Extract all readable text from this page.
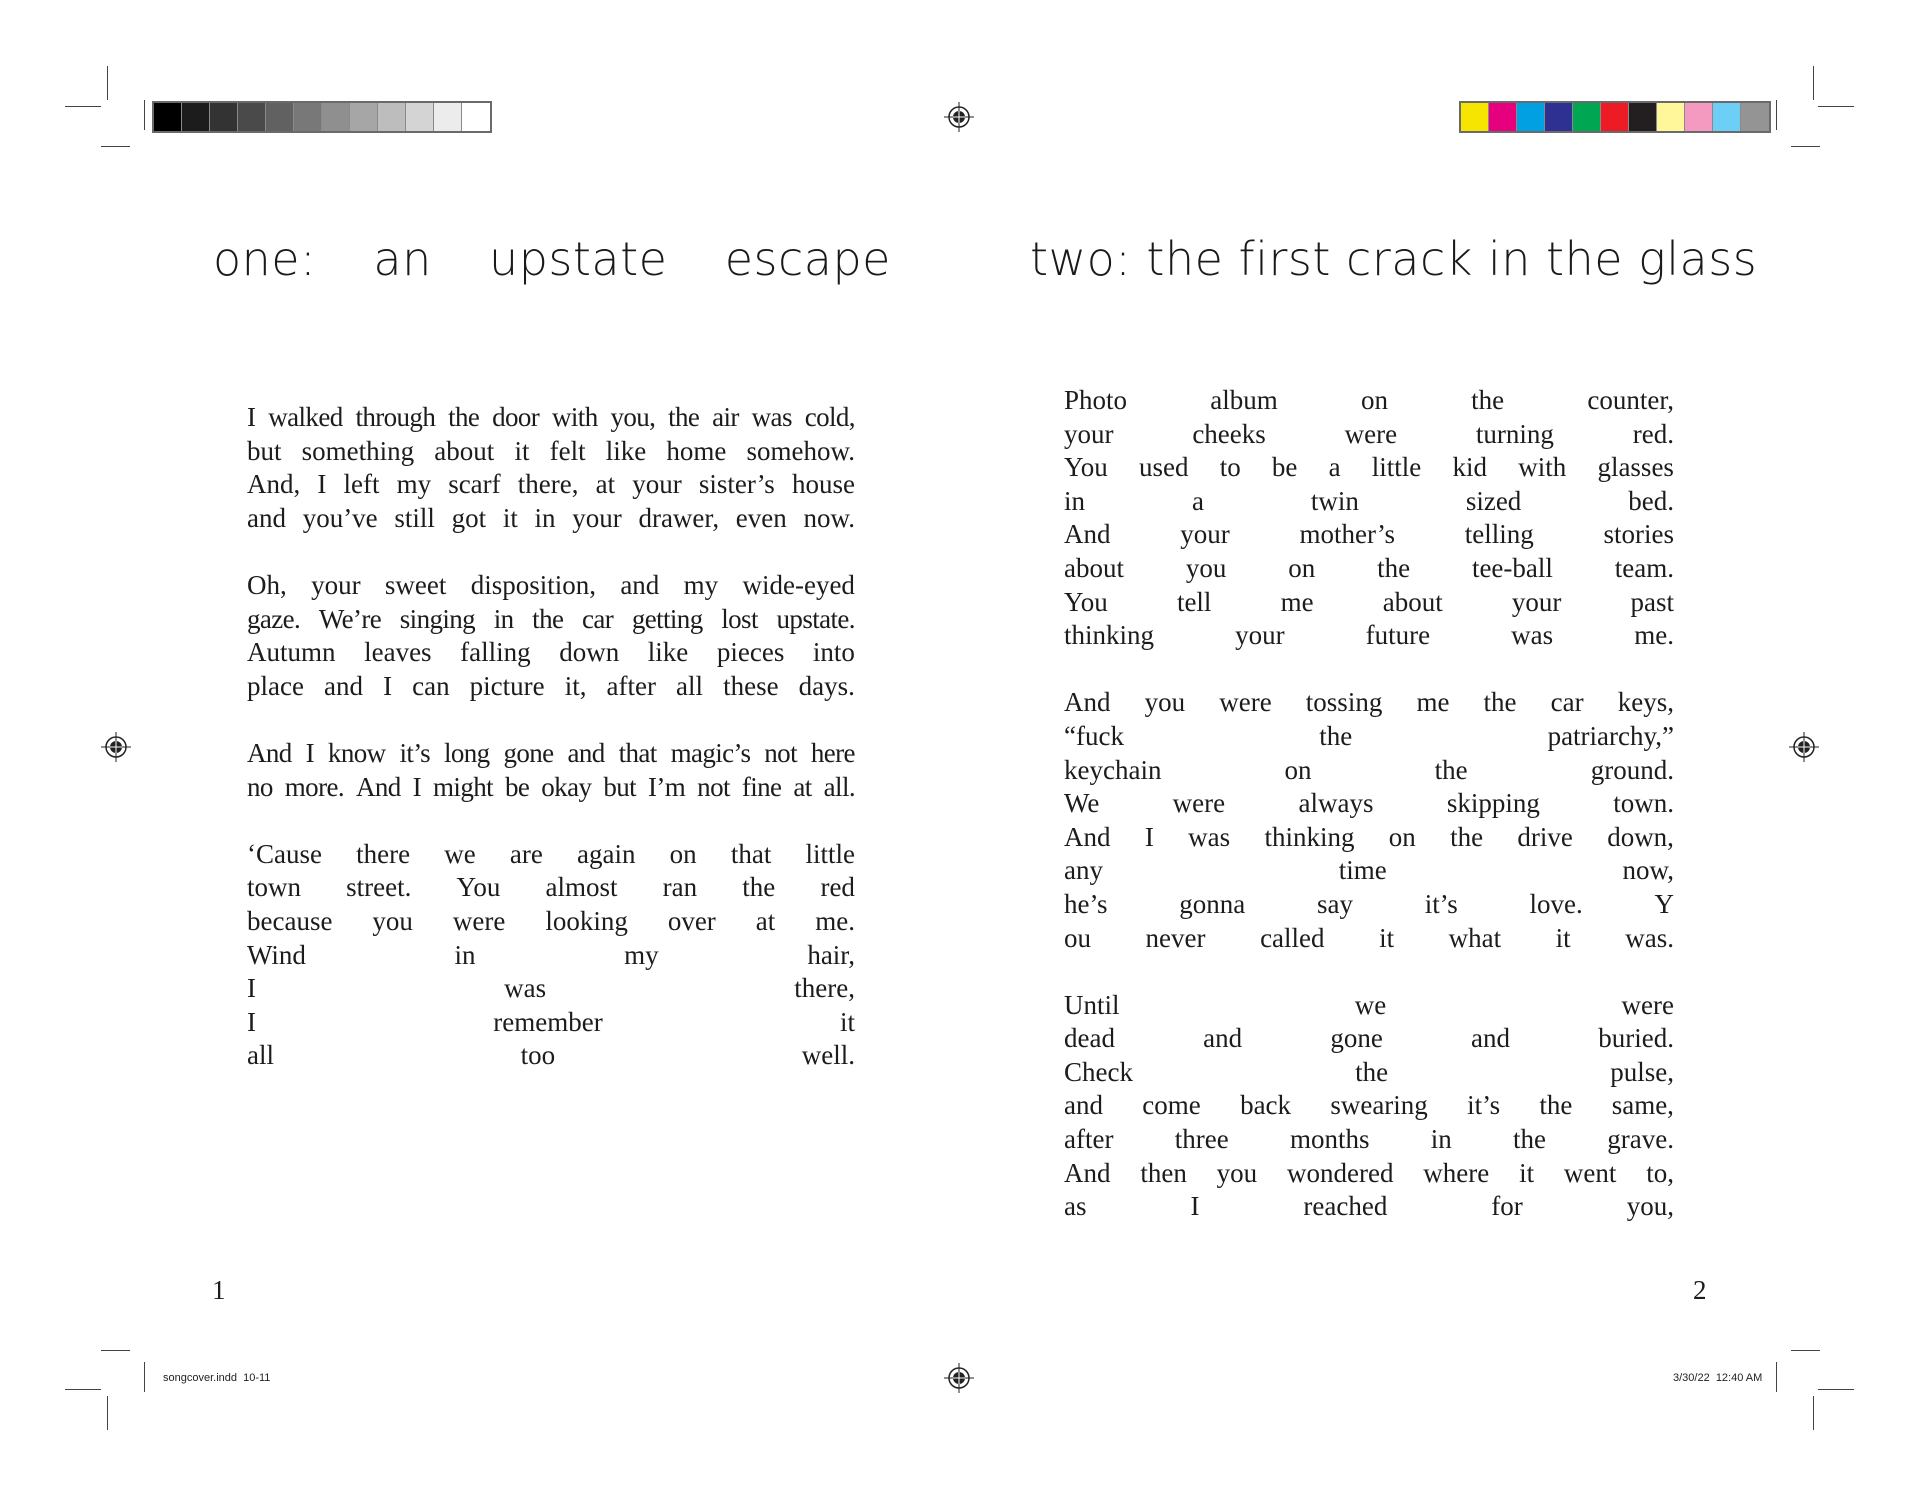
one: an upstate escape	two: the first crack in the glass
I walked through the door with you, the air was cold,
but something about it felt like home somehow.
And, I left my scarf there, at your sister’s house
and you’ve still got it in your drawer, even now.
Oh, your sweet disposition, and my wide-eyed
gaze. We’re singing in the car getting lost upstate.
Autumn leaves falling down like pieces into
place and I can picture it, after all these days.
And I know it’s long gone and that magic’s not here
no more. And I might be okay but I’m not fine at all.
‘Cause there we are again on that little
town street. You almost ran the red
because you were looking over at me.
Wind	in	my	hair,
I	was	there,
I	remember	it
all	too	well.
Photo	album	on	the	counter,
your	cheeks	were	turning	red.
You used to be a little kid with glasses
in	a	twin	sized	bed.
And	your	mother’s	telling	stories
about you on the tee-ball team.
You	tell	me	about	your	past
thinking	your	future	was	me.
And you were tossing me the car keys,
“fuck	the	patriarchy,”
keychain	on	the	ground.
We	were	always	skipping	town.
And I was thinking on the drive down,
any	time	now,
he’s	gonna	say	it’s	love.	Y
ou never called it what it was.
Until	we	were
dead	and	gone	and	buried.
Check	the	pulse,
and come back swearing it’s the same,
after three months in the grave.
And then you wondered where it went to,
as	I	reached	for	you,
1	2
songcover.indd  10-11	3/30/22  12:40 AM
